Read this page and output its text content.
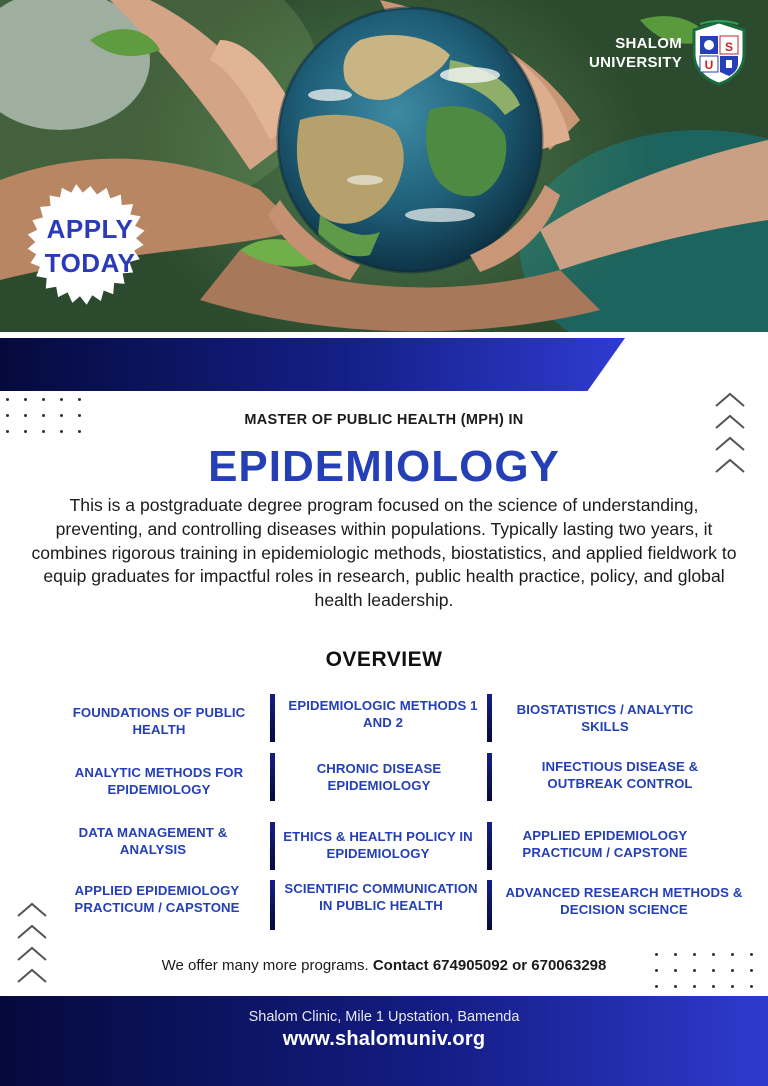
APPLY
TODAY
SHALOM
UNIVERSITY
S
U
MASTER OF PUBLIC HEALTH (MPH) IN
EPIDEMIOLOGY
This is a postgraduate degree program focused on the science of understanding, preventing, and controlling diseases within populations. Typically lasting two years, it combines rigorous training in epidemiologic methods, biostatistics, and applied fieldwork to equip graduates for impactful roles in research, public health practice, policy, and global health leadership.
OVERVIEW
FOUNDATIONS OF PUBLIC HEALTH
EPIDEMIOLOGIC METHODS 1 AND 2
BIOSTATISTICS / ANALYTIC SKILLS
ANALYTIC METHODS FOR EPIDEMIOLOGY
CHRONIC DISEASE EPIDEMIOLOGY
INFECTIOUS DISEASE & OUTBREAK CONTROL
DATA MANAGEMENT & ANALYSIS
ETHICS & HEALTH POLICY IN EPIDEMIOLOGY
APPLIED EPIDEMIOLOGY PRACTICUM / CAPSTONE
APPLIED EPIDEMIOLOGY PRACTICUM / CAPSTONE
SCIENTIFIC COMMUNICATION IN PUBLIC HEALTH
ADVANCED RESEARCH METHODS & DECISION SCIENCE
We offer many more programs. Contact 674905092 or 670063298
Shalom Clinic, Mile 1 Upstation, Bamenda
www.shalomuniv.org
